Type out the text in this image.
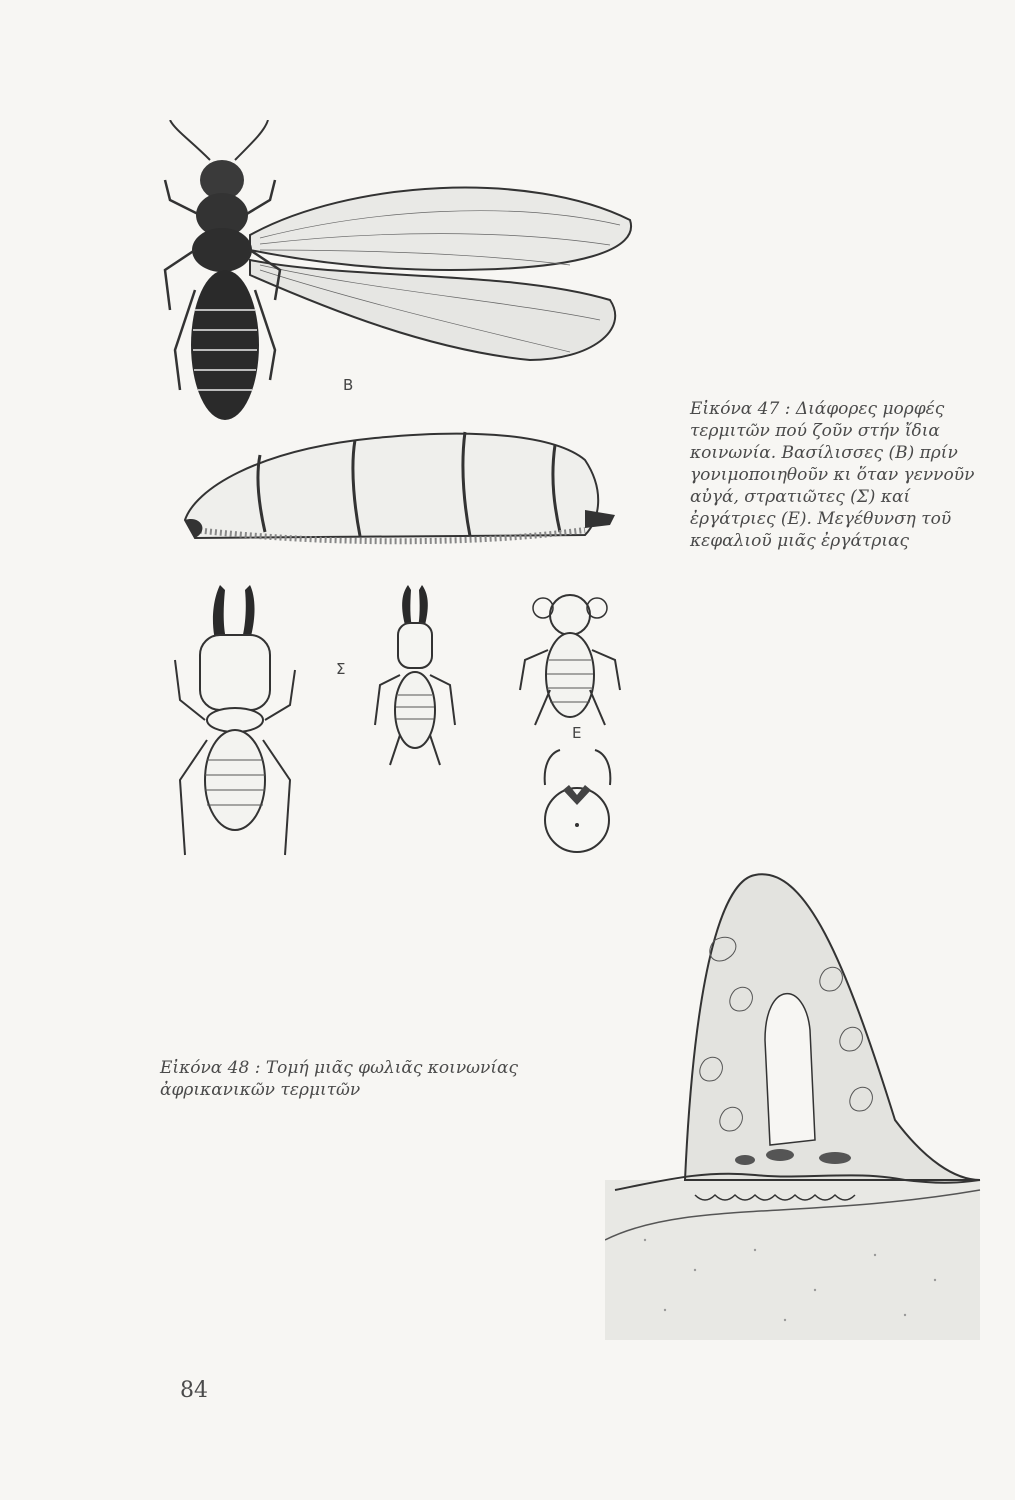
B
Σ
E
Εἰκόνα 47 : Διάφορες μορφές τερμιτῶν πού ζοῦν στήν ἴδια κοινωνία. Βασίλισσες (Β) πρίν γονιμοποιηθοῦν κι ὅταν γεννοῦν αὐγά, στρατιῶτες (Σ) καί ἐργάτριες (Ε). Μεγέθυνση τοῦ κεφαλιοῦ μιᾶς ἐργάτριας
Εἰκόνα 48 : Τομή μιᾶς φωλιᾶς κοινωνίας ἀφρικανικῶν τερμιτῶν
84
